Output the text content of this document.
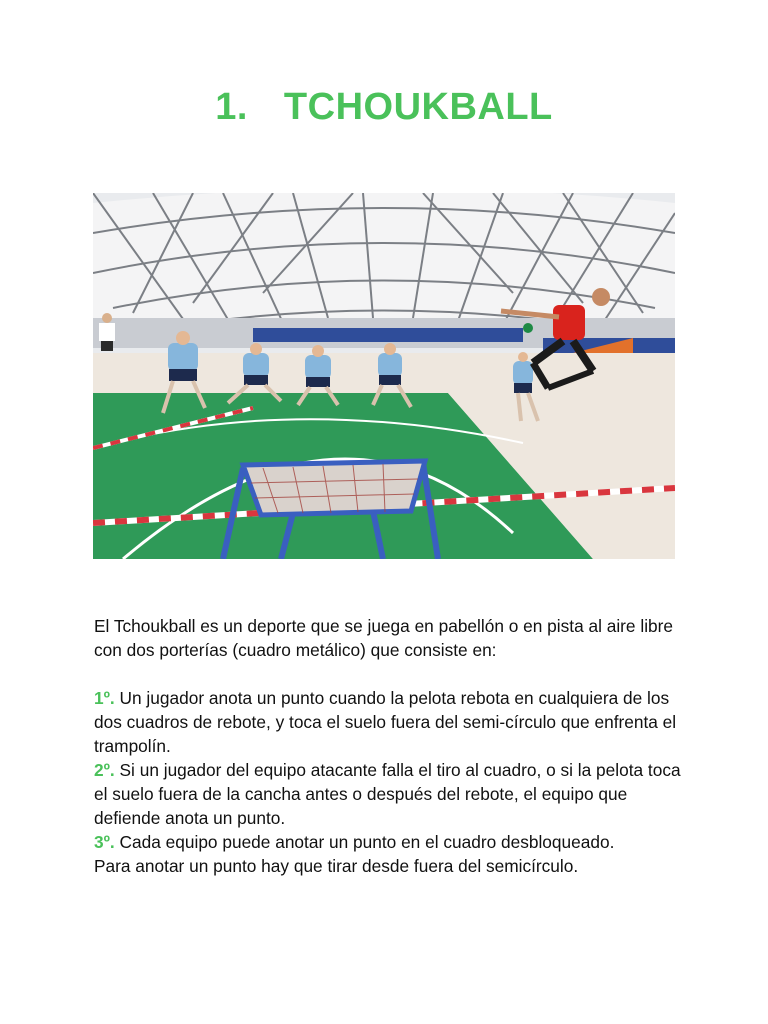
1. TCHOUKBALL

El Tchoukball es un deporte que se juega en pabellón o en pista al aire libre con dos porterías (cuadro metálico) que consiste en:

1º. Un jugador anota un punto cuando la pelota rebota en cualquiera de los dos cuadros de rebote, y toca el suelo fuera del semi-círculo que enfrenta el trampolín.

2º. Si un jugador del equipo atacante falla el tiro al cuadro, o si la pelota toca el suelo fuera de la cancha antes o después del rebote, el equipo que defiende anota un punto.

3º. Cada equipo puede anotar un punto en el cuadro desbloqueado.

Para anotar un punto hay que tirar desde fuera del semicírculo.
